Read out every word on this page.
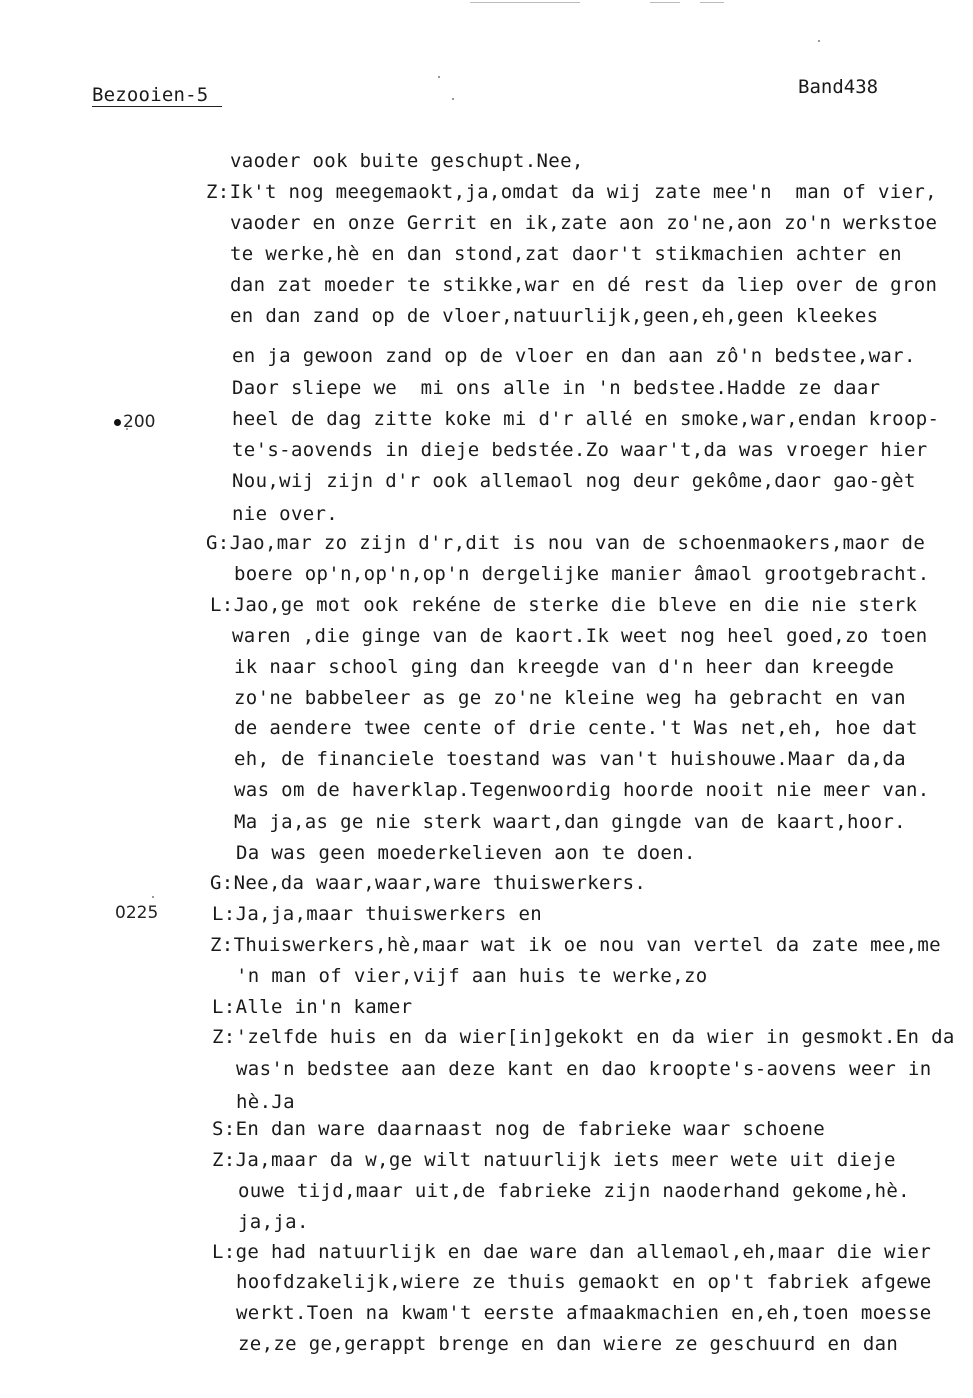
Bezooien-5	Band438
200
0225
vaoder ook buite geschupt.Nee,
Z:Ik't nog meegemaokt,ja,omdat da wij zate mee'n  man of vier,
vaoder en onze Gerrit en ik,zate aon zo'ne,aon zo'n werkstoe
te werke,hè en dan stond,zat daor't stikmachien achter en
dan zat moeder te stikke,war en dé rest da liep over de gron
en dan zand op de vloer,natuurlijk,geen,eh,geen kleekes
en ja gewoon zand op de vloer en dan aan zô'n bedstee,war.
Daor sliepe we  mi ons alle in 'n bedstee.Hadde ze daar
heel de dag zitte koke mi d'r allé en smoke,war,endan kroop-
te's-aovends in dieje bedstée.Zo waar't,da was vroeger hier
Nou,wij zijn d'r ook allemaol nog deur gekôme,daor gao-gèt
nie over.
G:Jao,mar zo zijn d'r,dit is nou van de schoenmaokers,maor de
boere op'n,op'n,op'n dergelijke manier âmaol grootgebracht.
L:Jao,ge mot ook rekéne de sterke die bleve en die nie sterk
waren ,die ginge van de kaort.Ik weet nog heel goed,zo toen
ik naar school ging dan kreegde van d'n heer dan kreegde
zo'ne babbeleer as ge zo'ne kleine weg ha gebracht en van
de aendere twee cente of drie cente.'t Was net,eh, hoe dat
eh, de financiele toestand was van't huishouwe.Maar da,da
was om de haverklap.Tegenwoordig hoorde nooit nie meer van.
Ma ja,as ge nie sterk waart,dan gingde van de kaart,hoor.
Da was geen moederkelieven aon te doen.
G:Nee,da waar,waar,ware thuiswerkers.
L:Ja,ja,maar thuiswerkers en
Z:Thuiswerkers,hè,maar wat ik oe nou van vertel da zate mee,me
'n man of vier,vijf aan huis te werke,zo
L:Alle in'n kamer
Z:'zelfde huis en da wier[in]gekokt en da wier in gesmokt.En da
was'n bedstee aan deze kant en dao kroopte's-aovens weer in
hè.Ja
S:En dan ware daarnaast nog de fabrieke waar schoene
Z:Ja,maar da w,ge wilt natuurlijk iets meer wete uit dieje
ouwe tijd,maar uit,de fabrieke zijn naoderhand gekome,hè.
ja,ja.
L:ge had natuurlijk en dae ware dan allemaol,eh,maar die wier
hoofdzakelijk,wiere ze thuis gemaokt en op't fabriek afgewe
werkt.Toen na kwam't eerste afmaakmachien en,eh,toen moesse
ze,ze ge,gerappt brenge en dan wiere ze geschuurd en dan
